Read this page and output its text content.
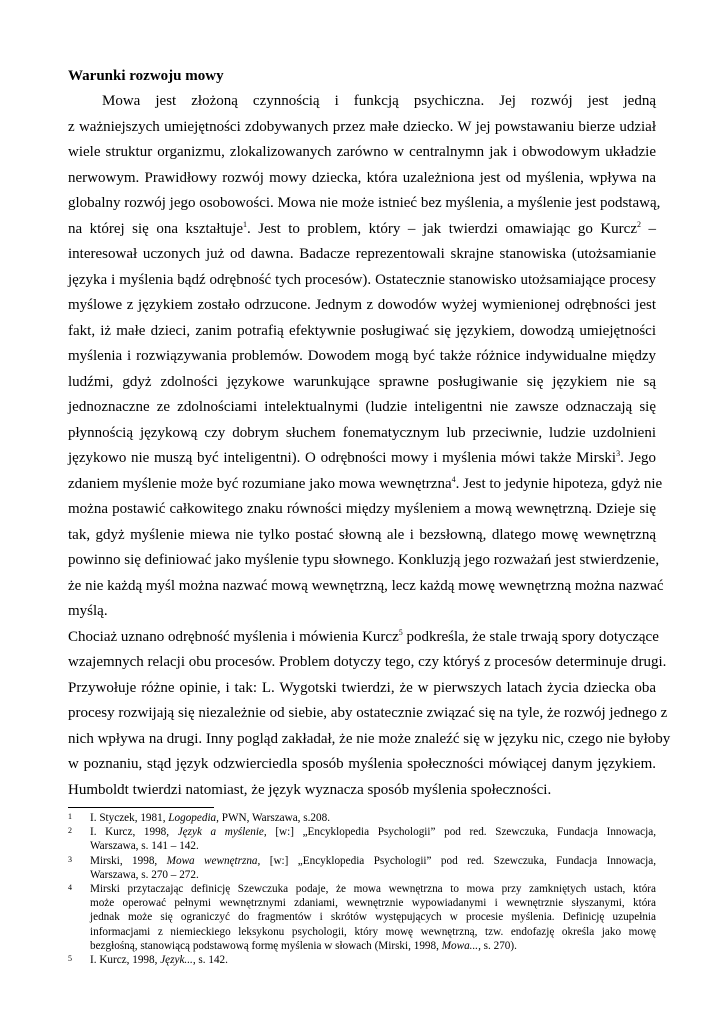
Warunki rozwoju mowy
Mowa jest złożoną czynnością i funkcją psychiczna. Jej rozwój jest jedną
z ważniejszych umiejętności zdobywanych przez małe dziecko. W jej powstawaniu bierze udział
wiele struktur organizmu, zlokalizowanych zarówno w centralnymn jak i obwodowym układzie
nerwowym. Prawidłowy rozwój mowy dziecka, która uzależniona jest od myślenia, wpływa na
globalny rozwój jego osobowości. Mowa nie może istnieć bez myślenia, a myślenie jest podstawą,
na której się ona kształtuje$^1$. Jest to problem, który – jak twierdzi omawiając go Kurcz$^2$ –
interesował uczonych już od dawna. Badacze reprezentowali skrajne stanowiska (utożsamianie
języka i myślenia bądź odrębność tych procesów). Ostatecznie stanowisko utożsamiające procesy
myślowe z językiem zostało odrzucone. Jednym z dowodów wyżej wymienionej odrębności jest
fakt, iż małe dzieci, zanim potrafią efektywnie posługiwać się językiem, dowodzą umiejętności
myślenia i rozwiązywania problemów. Dowodem mogą być także różnice indywidualne między
ludźmi, gdyż zdolności językowe warunkujące sprawne posługiwanie się językiem nie są
jednoznaczne ze zdolnościami intelektualnymi (ludzie inteligentni nie zawsze odznaczają się
płynnością językową czy dobrym słuchem fonematycznym lub przeciwnie, ludzie uzdolnieni
językowo nie muszą być inteligentni). O odrębności mowy i myślenia mówi także Mirski$^3$. Jego
zdaniem myślenie może być rozumiane jako mowa wewnętrzna$^4$. Jest to jedynie hipoteza, gdyż nie
można postawić całkowitego znaku równości między myśleniem a mową wewnętrzną. Dzieje się
tak, gdyż myślenie miewa nie tylko postać słowną ale i bezsłowną, dlatego mowę wewnętrzną
powinno się definiować jako myślenie typu słownego. Konkluzją jego rozważań jest stwierdzenie,
że nie każdą myśl można nazwać mową wewnętrzną, lecz każdą mowę wewnętrzną można nazwać
myślą.
Chociaż uznano odrębność myślenia i mówienia Kurcz$^5$ podkreśla, że stale trwają spory dotyczące
wzajemnych relacji obu procesów. Problem dotyczy tego, czy któryś z procesów determinuje drugi.
Przywołuje różne opinie, i tak: L. Wygotski twierdzi, że w pierwszych latach życia dziecka oba
procesy rozwijają się niezależnie od siebie, aby ostatecznie związać się na tyle, że rozwój jednego z
nich wpływa na drugi. Inny pogląd zakładał, że nie może znaleźć się w języku nic, czego nie byłoby
w poznaniu, stąd język odzwierciedla sposób myślenia społeczności mówiącej danym językiem.
Humboldt twierdzi natomiast, że język wyznacza sposób myślenia społeczności.
1	I. Styczek, 1981, Logopedia, PWN, Warszawa, s.208.
2	I. Kurcz, 1998, Język a myślenie, [w:] „Encyklopedia Psychologii” pod red. Szewczuka, Fundacja Innowacja,
Warszawa, s. 141 – 142.
3	Mirski, 1998, Mowa wewnętrzna, [w:] „Encyklopedia Psychologii” pod red. Szewczuka, Fundacja Innowacja,
Warszawa, s. 270 – 272.
4	Mirski przytaczając definicję Szewczuka podaje, że mowa wewnętrzna to mowa przy zamkniętych ustach, która
może operować pełnymi wewnętrznymi zdaniami, wewnętrznie wypowiadanymi i wewnętrznie słyszanymi, która
jednak może się ograniczyć do fragmentów i skrótów występujących w procesie myślenia. Definicję uzupełnia
informacjami z niemieckiego leksykonu psychologii, który mowę wewnętrzną, tzw. endofazję określa jako mowę
bezgłośną, stanowiącą podstawową formę myślenia w słowach (Mirski, 1998, Mowa..., s. 270).
5	I. Kurcz, 1998, Język..., s. 142.
